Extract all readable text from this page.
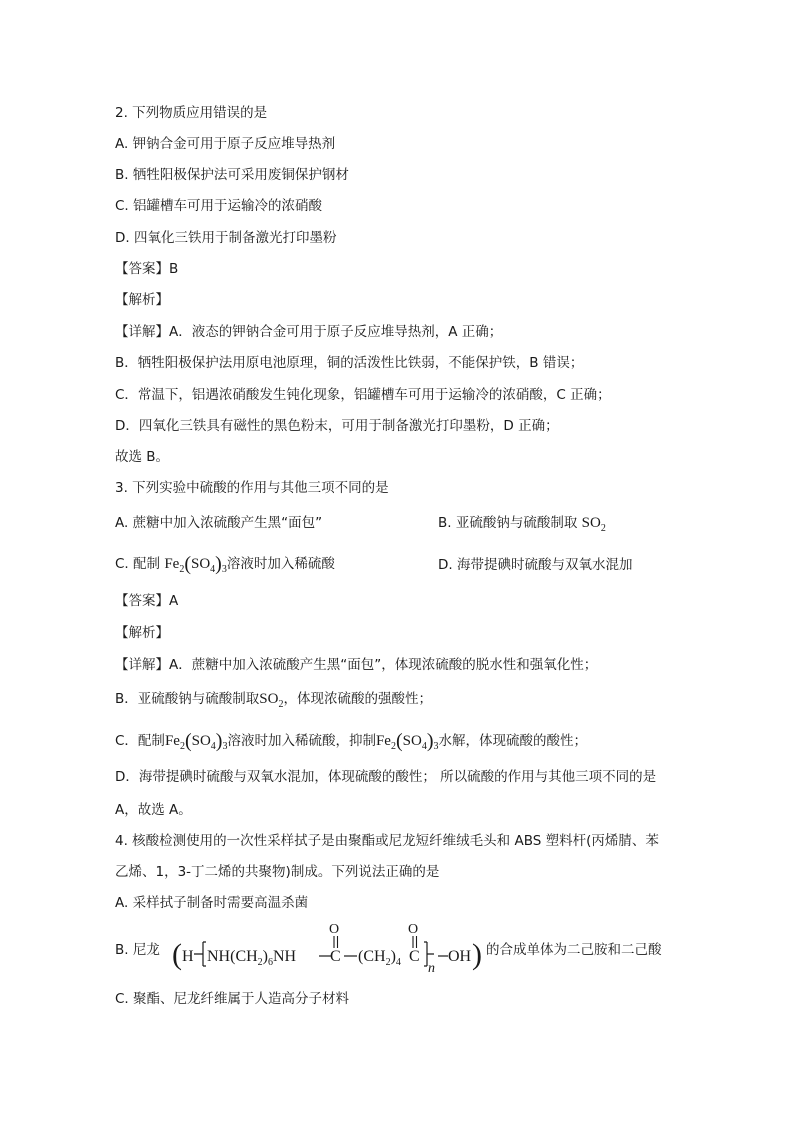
2. 下列物质应用错误的是
A. 钾钠合金可用于原子反应堆导热剂
B. 牺牲阳极保护法可采用废铜保护钢材
C. 铝罐槽车可用于运输冷的浓硝酸
D. 四氧化三铁用于制备激光打印墨粉
【答案】B
【解析】
【详解】A．液态的钾钠合金可用于原子反应堆导热剂，A 正确；
B．牺牲阳极保护法用原电池原理，铜的活泼性比铁弱，不能保护铁，B 错误；
C．常温下，铝遇浓硝酸发生钝化现象，铝罐槽车可用于运输冷的浓硝酸，C 正确；
D．四氧化三铁具有磁性的黑色粉末，可用于制备激光打印墨粉，D 正确；
故选 B。
3. 下列实验中硫酸的作用与其他三项不同的是
A. 蔗糖中加入浓硫酸产生黑“面包”	B. 亚硫酸钠与硫酸制取 $SO_2$
C. 配制 $Fe_2(SO_4)_3$溶液时加入稀硫酸	D. 海带提碘时硫酸与双氧水混加
【答案】A
【解析】
【详解】A．蔗糖中加入浓硫酸产生黑“面包”，体现浓硫酸的脱水性和强氧化性；
B．亚硫酸钠与硫酸制取$SO_2$，体现浓硫酸的强酸性；
C．配制$Fe_2(SO_4)_3$溶液时加入稀硫酸，抑制$Fe_2(SO_4)_3$水解，体现硫酸的酸性；
D．海带提碘时硫酸与双氧水混加，体现硫酸的酸性； 所以硫酸的作用与其他三项不同的是
A，故选 A。
4. 核酸检测使用的一次性采样拭子是由聚酯或尼龙短纤维绒毛头和 ABS 塑料杆(丙烯腈、苯
乙烯、1，3-丁二烯的共聚物)制成。下列说法正确的是
A. 采样拭子制备时需要高温杀菌
B. 尼龙 (	)
H $NH(CH_2)_6NH$ C
O
$(CH_2)_4$ C
O
n
OH 的合成单体为二己胺和二己酸
C. 聚酯、尼龙纤维属于人造高分子材料
